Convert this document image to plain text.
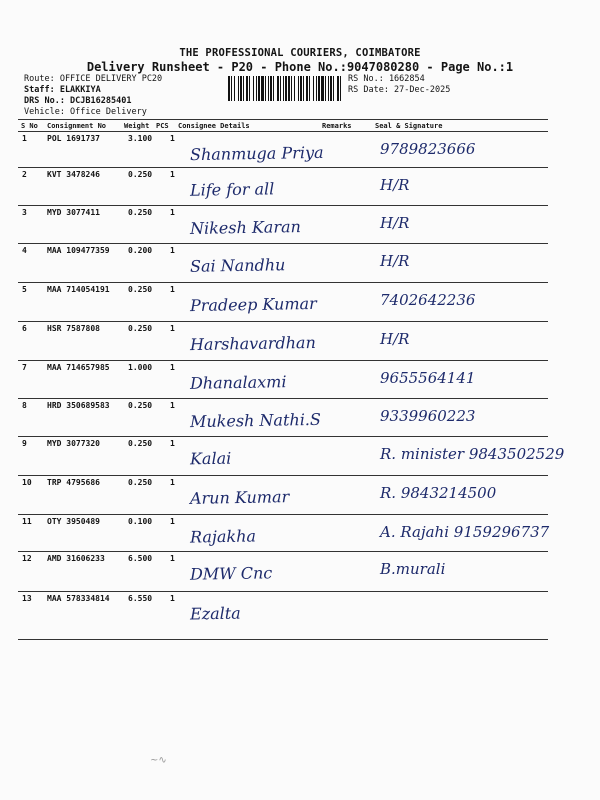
THE PROFESSIONAL COURIERS, COIMBATORE
Delivery Runsheet - P20 - Phone No.:9047080280 - Page No.:1
Route: OFFICE DELIVERY PC20
Staff: ELAKKIYA
DRS No.: DCJB16285401
Vehicle: Office Delivery
RS No.: 1662854
RS Date: 27-Dec-2025
S No Consignment No	Weight PCS Consignee Details	Remarks	Seal & Signature
1	POL 1691737	3.100 1
Shanmuga Priya	9789823666
2	KVT 3478246	0.250 1
Life for all	H/R
3	MYD 3077411	0.250 1
Nikesh Karan	H/R
4	MAA 109477359 0.200 1
Sai Nandhu	H/R
5	MAA 714054191 0.250 1
Pradeep Kumar	7402642236
6	HSR 7587808	0.250 1
Harshavardhan	H/R
7	MAA 714657985 1.000 1
Dhanalaxmi	9655564141
8	HRD 350689583 0.250 1
Mukesh Nathi.S	9339960223
9	MYD 3077320	0.250 1
Kalai	R. minister 9843502529
10 TRP 4795686	0.250 1
Arun Kumar	R. 9843214500
11 OTY 3950489	0.100 1
Rajakha	A. Rajahi 9159296737
12 AMD 31606233	6.500 1
DMW Cnc	B.murali
13 MAA 578334814 6.550 1
Ezalta
~∿
